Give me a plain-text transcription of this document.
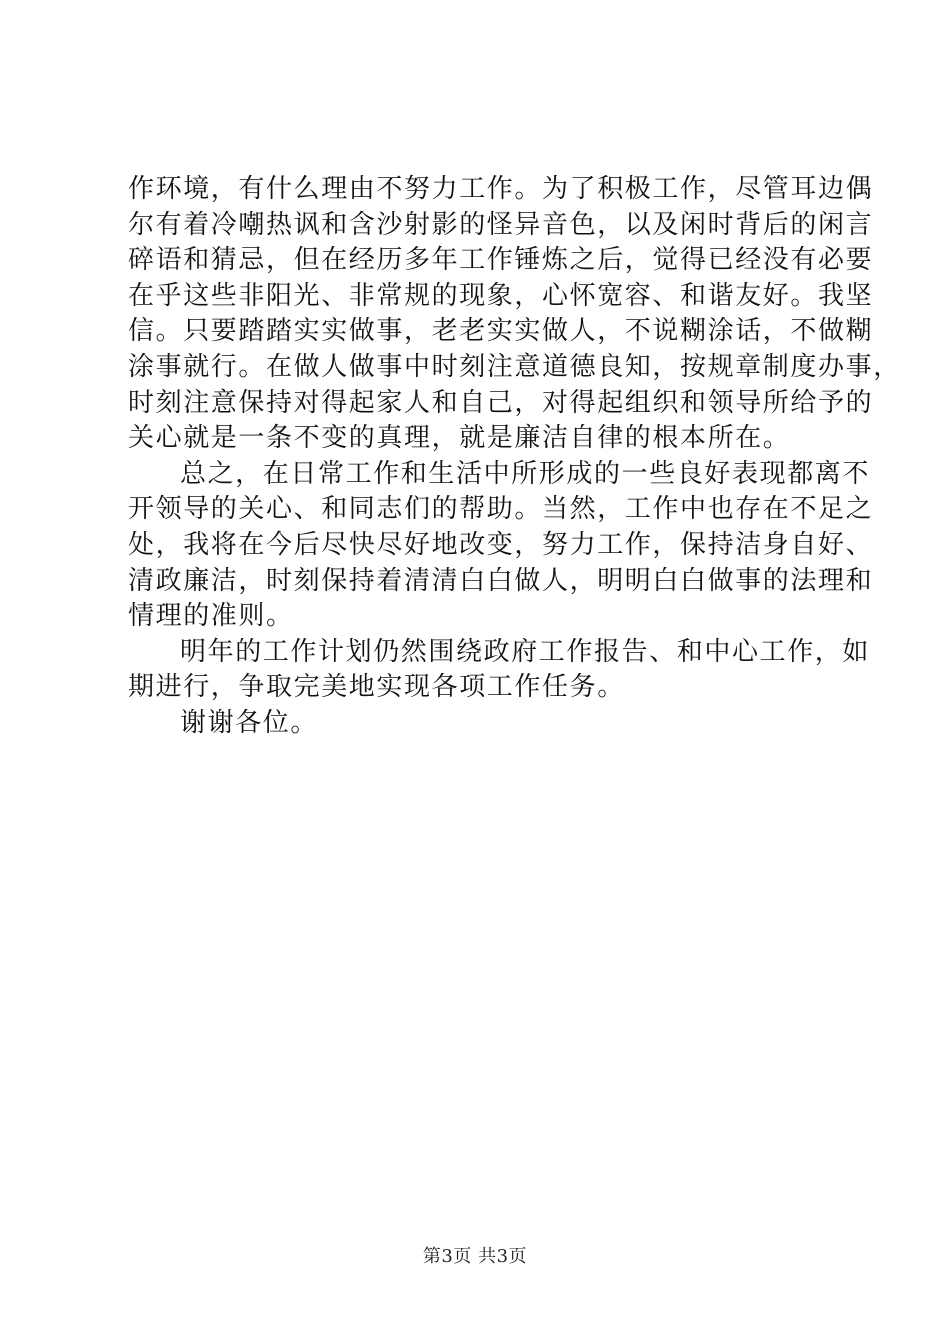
作环境，有什么理由不努力工作。为了积极工作，尽管耳边偶
尔有着冷嘲热讽和含沙射影的怪异音色，以及闲时背后的闲言
碎语和猜忌，但在经历多年工作锤炼之后，觉得已经没有必要
在乎这些非阳光、非常规的现象，心怀宽容、和谐友好。我坚
信。只要踏踏实实做事，老老实实做人，不说糊涂话，不做糊
涂事就行。在做人做事中时刻注意道德良知，按规章制度办事，
时刻注意保持对得起家人和自己，对得起组织和领导所给予的
关心就是一条不变的真理，就是廉洁自律的根本所在。
总之，在日常工作和生活中所形成的一些良好表现都离不
开领导的关心、和同志们的帮助。当然，工作中也存在不足之
处，我将在今后尽快尽好地改变，努力工作，保持洁身自好、
清政廉洁，时刻保持着清清白白做人，明明白白做事的法理和
情理的准则。
明年的工作计划仍然围绕政府工作报告、和中心工作，如
期进行，争取完美地实现各项工作任务。
谢谢各位。
第3页 共3页
